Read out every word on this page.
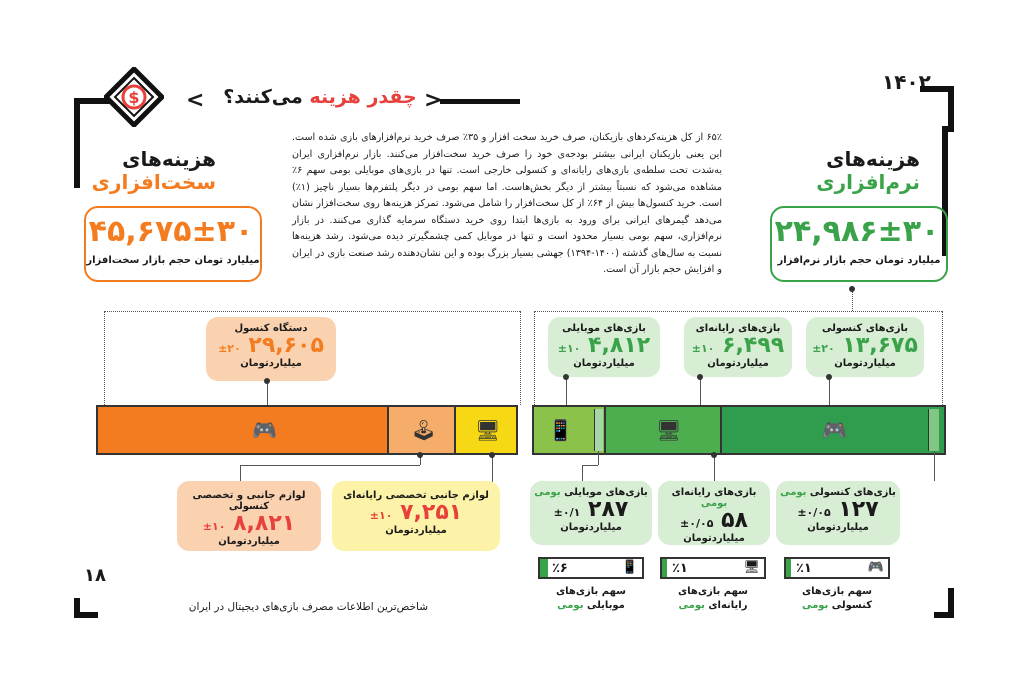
۱۴۰۲
$	چقدر هزینه می‌کنند؟
<	>
هزینه‌های
سخت‌افزاری
۴۵,۶۷۵±۳۰
میلیارد تومان حجم بازار سخت‌افزار
هزینه‌های
نرم‌افزاری
۲۴,۹۸۶±۳۰
میلیارد تومان حجم بازار نرم‌افزار
۶۵٪ از کل هزینه‌کردهای بازیکنان، صرف خرید سخت افزار و ۳۵٪ صرف خرید نرم‌افزارهای بازی شده است. این یعنی بازیکنان ایرانی بیشتر بودجه‌ی خود را صرف خرید سخت‌افزار می‌کنند. بازار نرم‌افزاری ایران به‌شدت تحت سلطه‌ی بازی‌های رایانه‌ای و کنسولی خارجی است. تنها در بازی‌های موبایلی بومی سهم ۶٪ مشاهده می‌شود که نسبتاً بیشتر از دیگر بخش‌هاست. اما سهم بومی در دیگر پلتفرم‌ها بسیار ناچیز (۱٪) است. خرید کنسول‌ها بیش از ۶۴٪ از کل سخت‌افزار را شامل می‌شود. تمرکز هزینه‌ها روی سخت‌افزار نشان می‌دهد گیمرهای ایرانی برای ورود به بازی‌ها ابتدا روی خرید دستگاه سرمایه گذاری می‌کنند. در بازار نرم‌افزاری، سهم بومی بسیار محدود است و تنها در موبایل کمی چشمگیرتر دیده می‌شود. رشد هزینه‌ها نسبت به سال‌های گذشته (۱۴۰۰-۱۳۹۴) جهشی بسیار بزرگ بوده و این نشان‌دهنده رشد صنعت بازی در ایران و افزایش حجم بازار آن است.
دستگاه کنسول
۲۹,۶۰۵ ±۲۰
میلیاردتومان
بازی‌های موبایلی
۴,۸۱۲ ±۱۰
میلیاردتومان
بازی‌های رایانه‌ای
۶,۴۹۹ ±۱۰
میلیاردتومان
بازی‌های کنسولی
۱۳,۶۷۵ ±۲۰
میلیاردتومان
🎮	🕹 🖥 📱	🖥	🎮
لوازم جانبی و تخصصی کنسولی
۸,۸۲۱ ±۱۰
میلیاردتومان
لوازم جانبی تخصصی رایانه‌ای
۷,۲۵۱ ±۱۰
میلیاردتومان
بازی‌های موبایلی بومی
۲۸۷ ±۰/۱
میلیاردتومان
بازی‌های رایانه‌ای بومی
۵۸ ±۰/۰۵
میلیاردتومان
بازی‌های کنسولی بومی
۱۲۷ ±۰/۰۵
میلیاردتومان
٪۶	📱	٪۱	🖥	٪۱	🎮
سهم بازی‌های
موبایلی بومی
سهم بازی‌های
رایانه‌ای بومی
سهم بازی‌های
کنسولی بومی
۱۸
شاخص‌ترین اطلاعات مصرف بازی‌های دیجیتال در ایران
